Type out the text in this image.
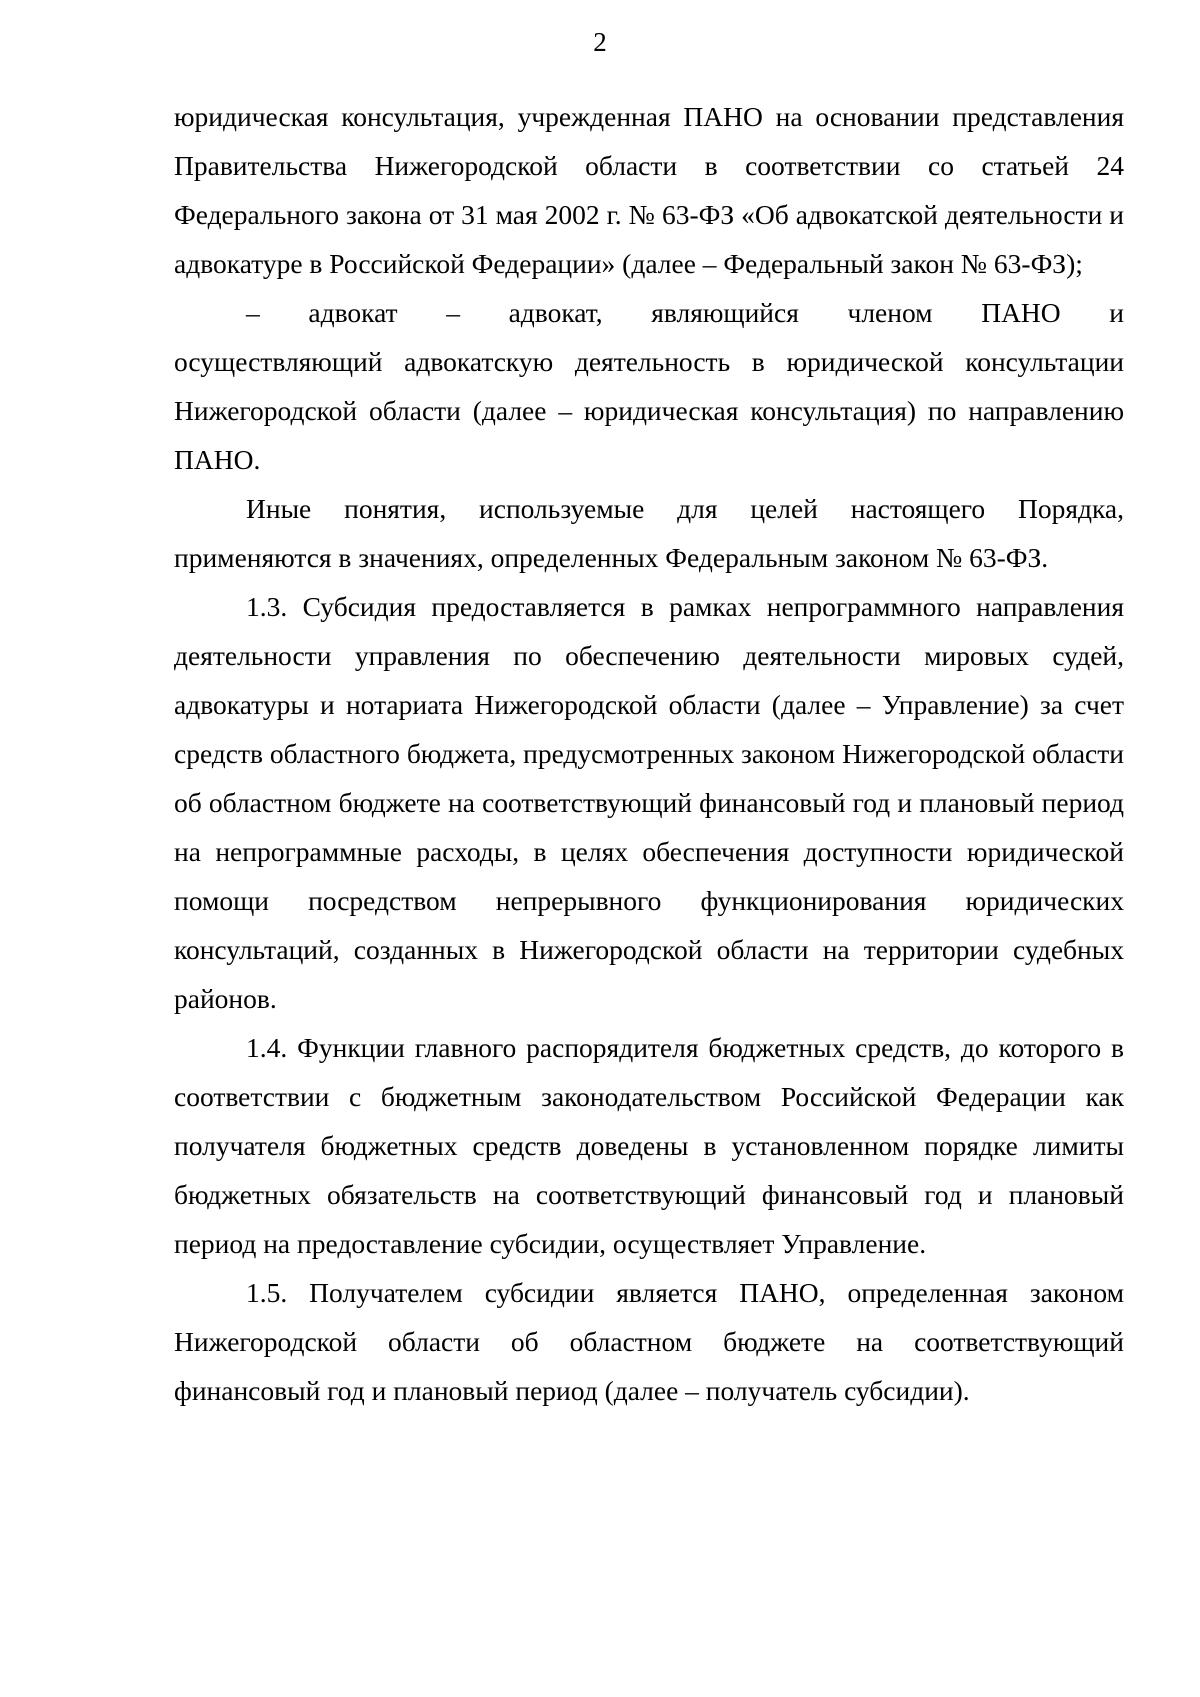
2

юридическая консультация, учрежденная ПАНО на основании представления Правительства Нижегородской области в соответствии со статьей 24 Федерального закона от 31 мая 2002 г. № 63-ФЗ «Об адвокатской деятельности и адвокатуре в Российской Федерации» (далее – Федеральный закон № 63-ФЗ);

– адвокат – адвокат, являющийся членом ПАНО и
осуществляющий адвокатскую деятельность в юридической консультации Нижегородской области (далее – юридическая консультация) по направлению ПАНО.

Иные понятия, используемые для целей настоящего Порядка, применяются в значениях, определенных Федеральным законом № 63-ФЗ.

1.3. Субсидия предоставляется в рамках непрограммного направления деятельности управления по обеспечению деятельности мировых судей, адвокатуры и нотариата Нижегородской области (далее – Управление) за счет средств областного бюджета, предусмотренных законом Нижегородской области об областном бюджете на соответствующий финансовый год и плановый период на непрограммные расходы, в целях обеспечения доступности юридической помощи посредством непрерывного функционирования юридических консультаций, созданных в Нижегородской области на территории судебных районов.

1.4. Функции главного распорядителя бюджетных средств, до которого в соответствии с бюджетным законодательством Российской Федерации как получателя бюджетных средств доведены в установленном порядке лимиты бюджетных обязательств на соответствующий финансовый год и плановый период на предоставление субсидии, осуществляет Управление.

1.5. Получателем субсидии является ПАНО, определенная законом Нижегородской области об областном бюджете на соответствующий финансовый год и плановый период (далее – получатель субсидии).
